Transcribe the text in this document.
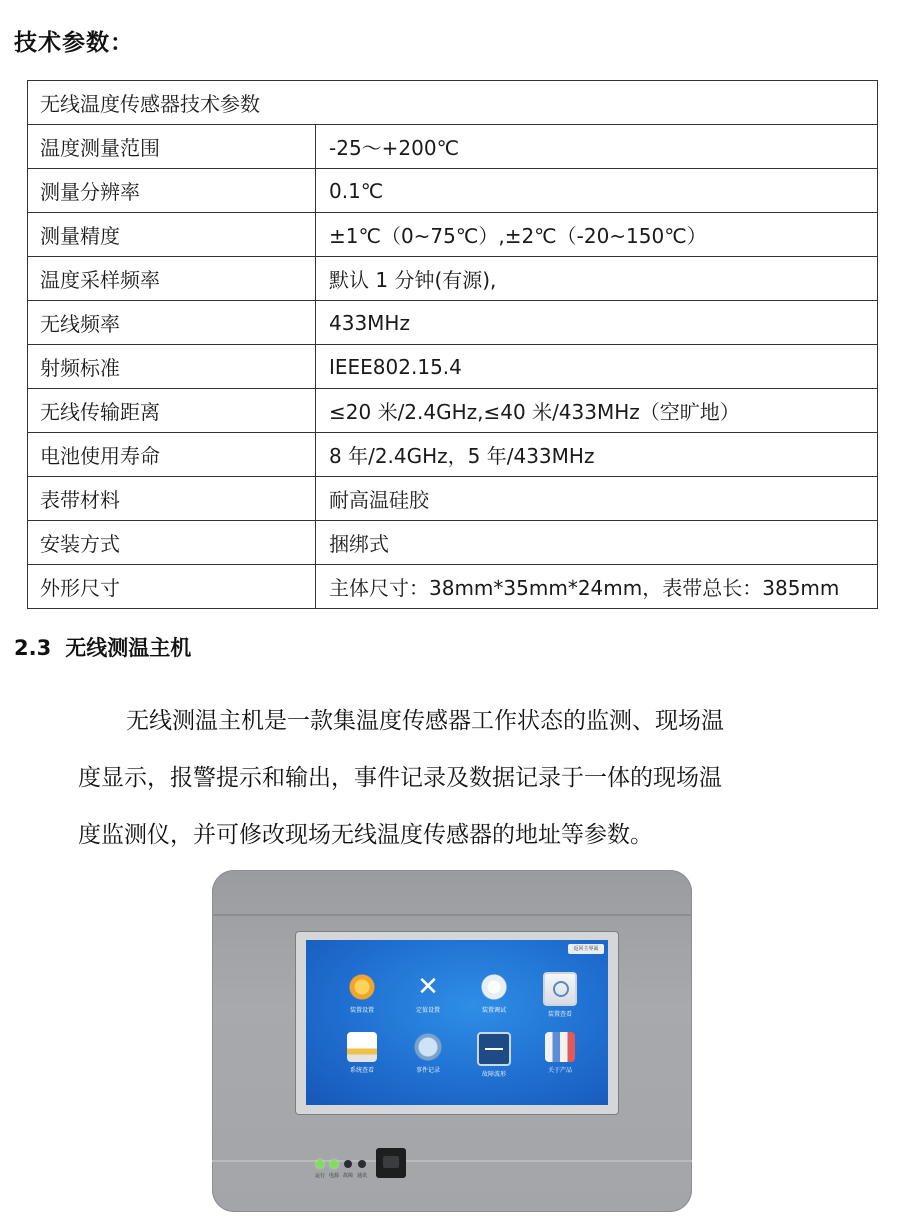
技术参数：
无线温度传感器技术参数	
温度测量范围	-25～+200℃
测量分辨率	0.1℃
测量精度	±1℃（0~75℃）,±2℃（-20~150℃）
温度采样频率	默认 1 分钟(有源),
无线频率	433MHz
射频标准	IEEE802.15.4
无线传输距离	≤20 米/2.4GHz,≤40 米/433MHz（空旷地）
电池使用寿命	8 年/2.4GHz，5 年/433MHz
表带材料	耐高温硅胶
安装方式	捆绑式
外形尺寸	主体尺寸：38mm*35mm*24mm，表带总长：385mm
2.3 无线测温主机

无线测温主机是一款集温度传感器工作状态的监测、现场温

度显示，报警提示和输出，事件记录及数据记录于一体的现场温

度监测仪，并可修改现场无线温度传感器的地址等参数。

返回主界面
装置设置
✕
定值设置	装置调试
装置查看
系统查看	事件记录
故障波形
关于产品
运行 电源 故障 通讯
